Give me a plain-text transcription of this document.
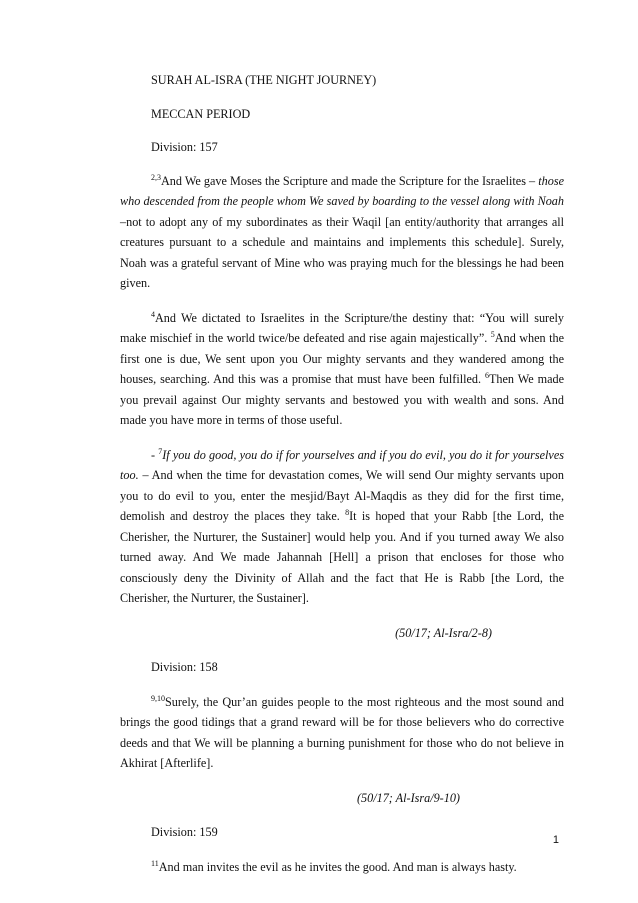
SURAH AL-ISRA (THE NIGHT JOURNEY)

MECCAN PERIOD

Division: 157

$^{2,3}$And We gave Moses the Scripture and made the Scripture for the Israelites – those who descended from the people whom We saved by boarding to the vessel along with Noah –not to adopt any of my subordinates as their Waqil [an entity/authority that arranges all creatures pursuant to a schedule and maintains and implements this schedule]. Surely, Noah was a grateful servant of Mine who was praying much for the blessings he had been given.

$^4$And We dictated to Israelites in the Scripture/the destiny that: “You will surely make mischief in the world twice/be defeated and rise again majestically”. $^5$And when the first one is due, We sent upon you Our mighty servants and they wandered among the houses, searching. And this was a promise that must have been fulfilled. $^6$Then We made you prevail against Our mighty servants and bestowed you with wealth and sons. And made you have more in terms of those useful.

- $^7$If you do good, you do if for yourselves and if you do evil, you do it for yourselves too. – And when the time for devastation comes, We will send Our mighty servants upon you to do evil to you, enter the mesjid/Bayt Al-Maqdis as they did for the first time, demolish and destroy the places they take. $^8$It is hoped that your Rabb [the Lord, the Cherisher, the Nurturer, the Sustainer] would help you. And if you turned away We also turned away. And We made Jahannah [Hell] a prison that encloses for those who consciously deny the Divinity of Allah and the fact that He is Rabb [the Lord, the Cherisher, the Nurturer, the Sustainer].

(50/17; Al-Isra/2-8)

Division: 158

$^{9,10}$Surely, the Qur’an guides people to the most righteous and the most sound and brings the good tidings that a grand reward will be for those believers who do corrective deeds and that We will be planning a burning punishment for those who do not believe in Akhirat [Afterlife].

(50/17; Al-Isra/9-10)

Division: 159

$^{11}$And man invites the evil as he invites the good. And man is always hasty.

1
